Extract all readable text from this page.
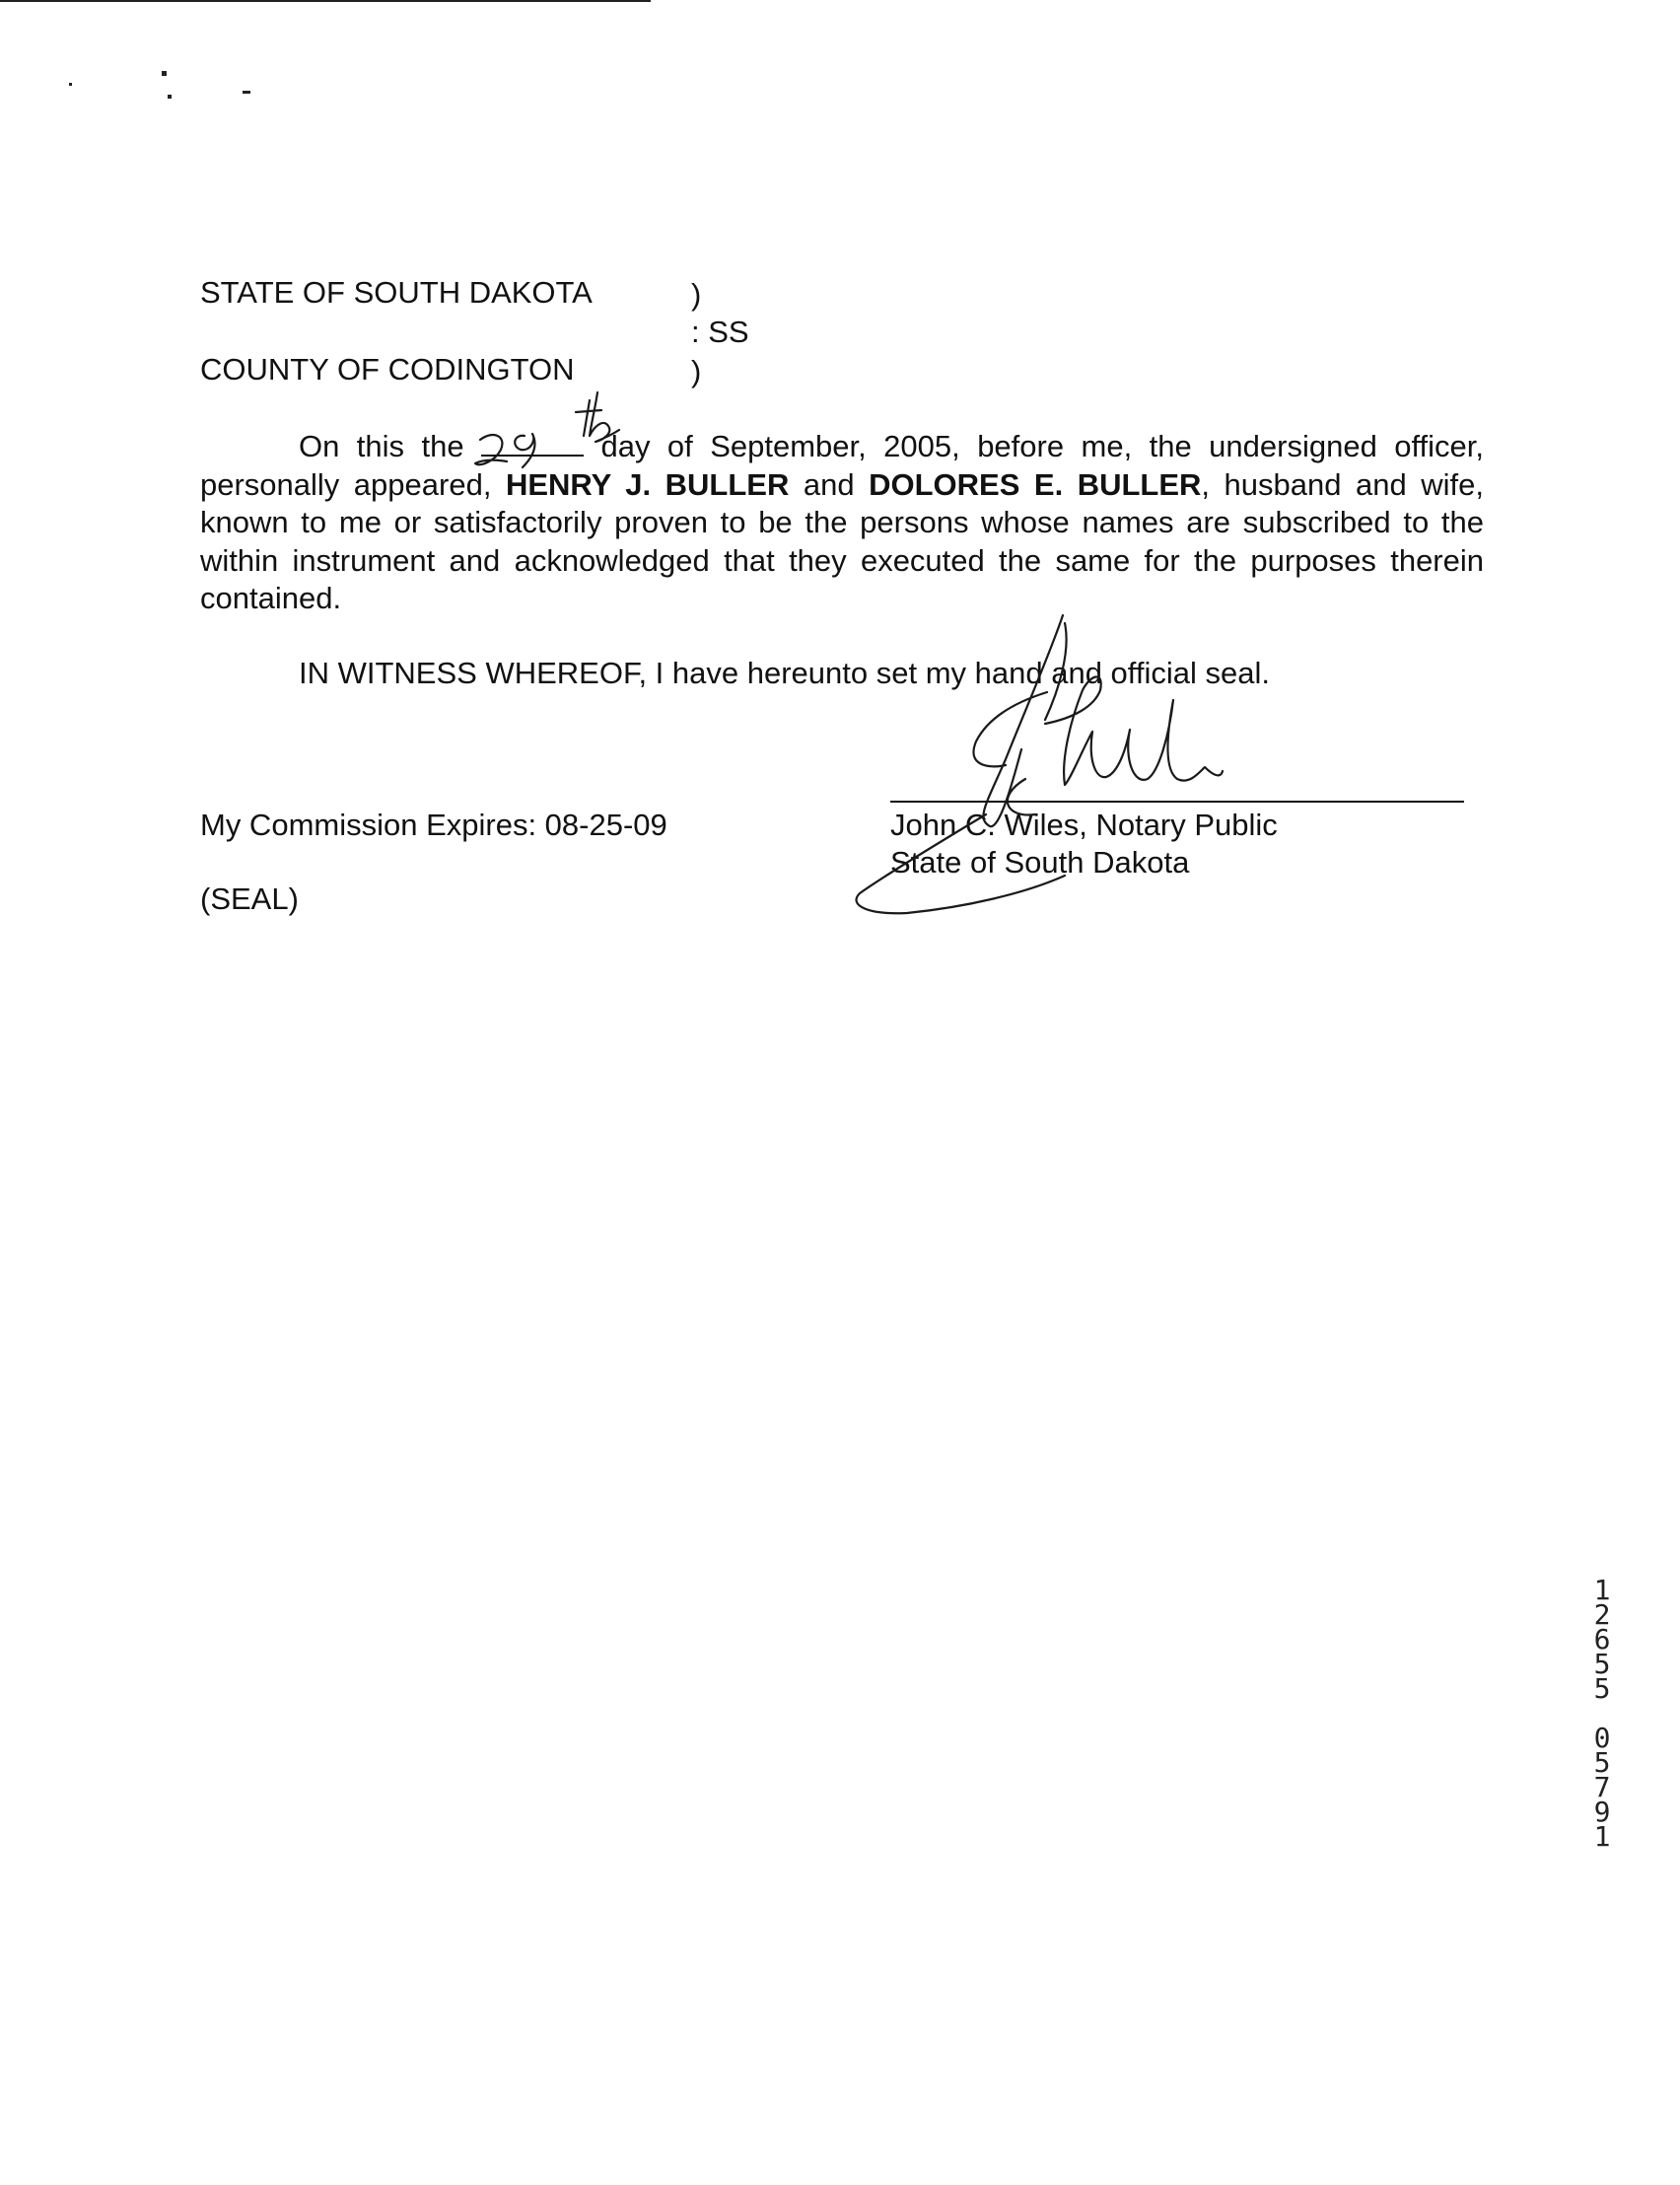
STATE OF SOUTH DAKOTA	)
: SS
COUNTY OF CODINGTON	)

On this the	day of September, 2005, before me, the undersigned officer,

personally appeared, HENRY J. BULLER and DOLORES E. BULLER, husband and wife,

known to me or satisfactorily proven to be the persons whose names are subscribed to the

within instrument and acknowledged that they executed the same for the purposes therein

contained.

IN WITNESS WHEREOF, I have hereunto set my hand and official seal.
John C. Wiles, Notary Public
State of South Dakota
My Commission Expires: 08-25-09
(SEAL)
1
2
6
5
5

0
5
7
9
1
